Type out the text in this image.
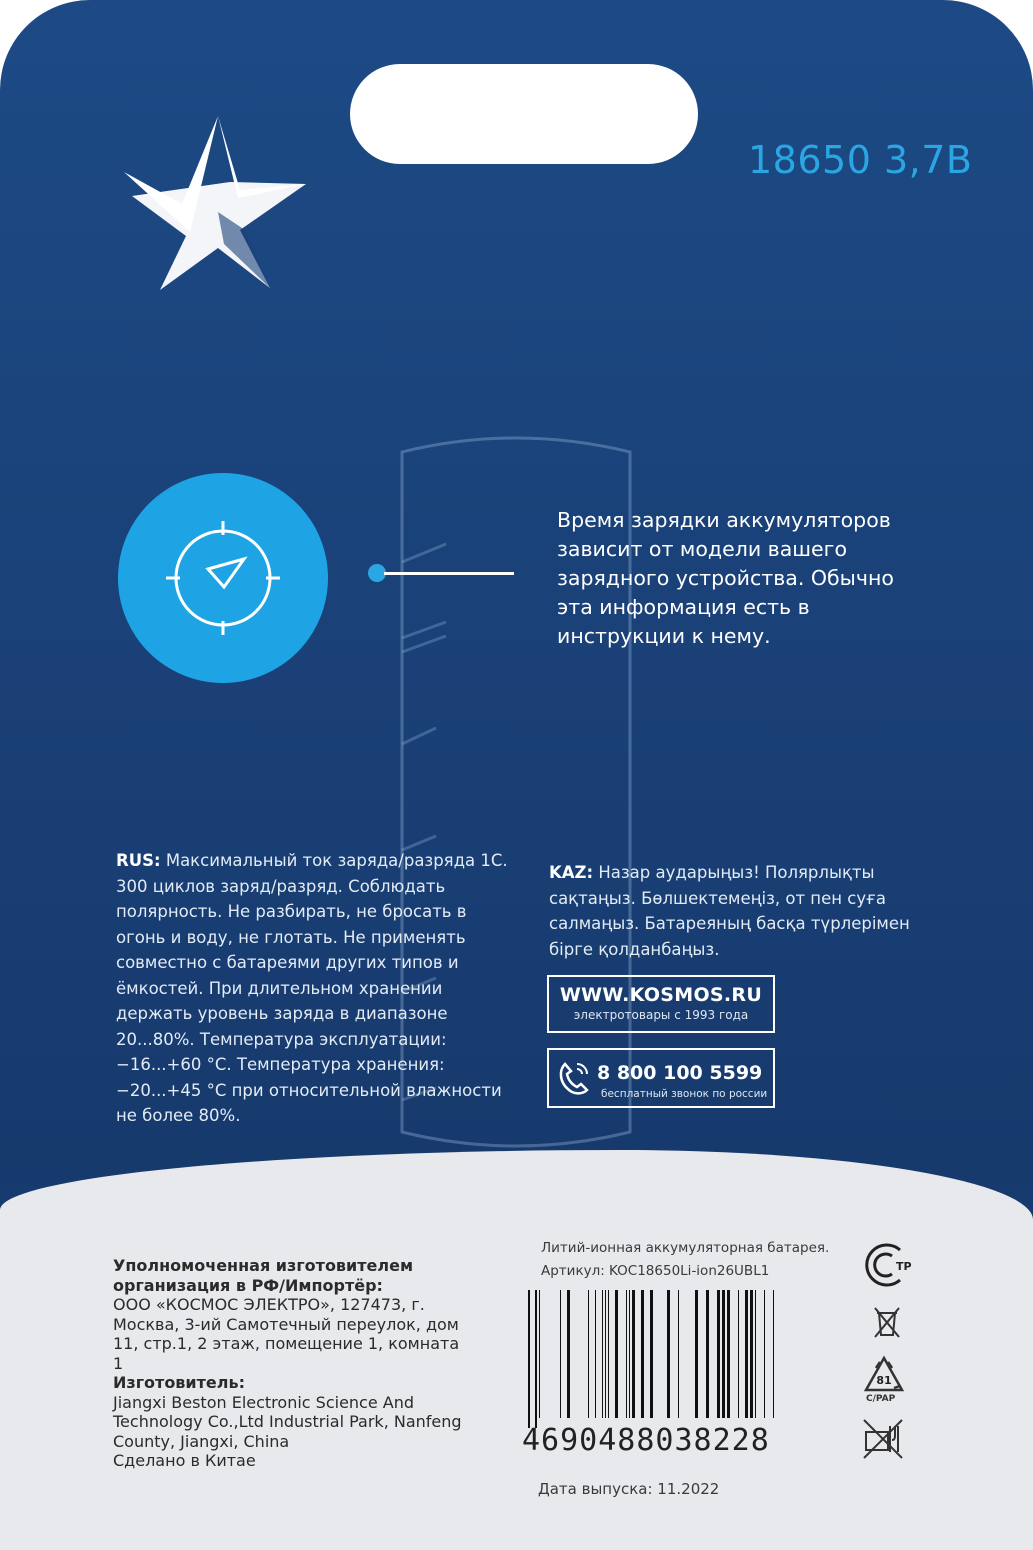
18650 3,7В
Время зарядки аккумуляторов зависит от модели вашего зарядного устройства. Обычно эта информация есть в инструкции к нему.
RUS: Максимальный ток заряда/разряда 1С. 300 циклов заряд/разряд. Соблюдать полярность. Не разбирать, не бросать в огонь и воду, не глотать. Не применять совместно с батареями других типов и ёмкостей. При длительном хранении держать уровень заряда в диапазоне 20...80%. Температура эксплуатации: −16...+60 °С. Температура хранения: −20...+45 °С при относительной влажности не более 80%.
KAZ: Назар аударыңыз! Полярлықты сақтаңыз. Бөлшектемеңіз, от пен суға салмаңыз. Батареяның басқа түрлерімен бірге қолданбаңыз.
WWW.KOSMOS.RU
электротовары с 1993 года
8 800 100 5599
бесплатный звонок по россии
Уполномоченная изготовителем организация в РФ/Импортёр:
ООО «КОСМОС ЭЛЕКТРО», 127473, г. Москва, 3-ий Самотечный переулок, дом 11, стр.1, 2 этаж, помещение 1, комната 1
Изготовитель:
Jiangxi Beston Electronic Science And Technology Co.,Ltd Industrial Park, Nanfeng County, Jiangxi, China
Сделано в Китае
Литий-ионная аккумуляторная батарея.
Артикул: KOC18650Li-ion26UBL1
4690488038228
Дата выпуска: 11.2022
ТР
81
C/PAP
